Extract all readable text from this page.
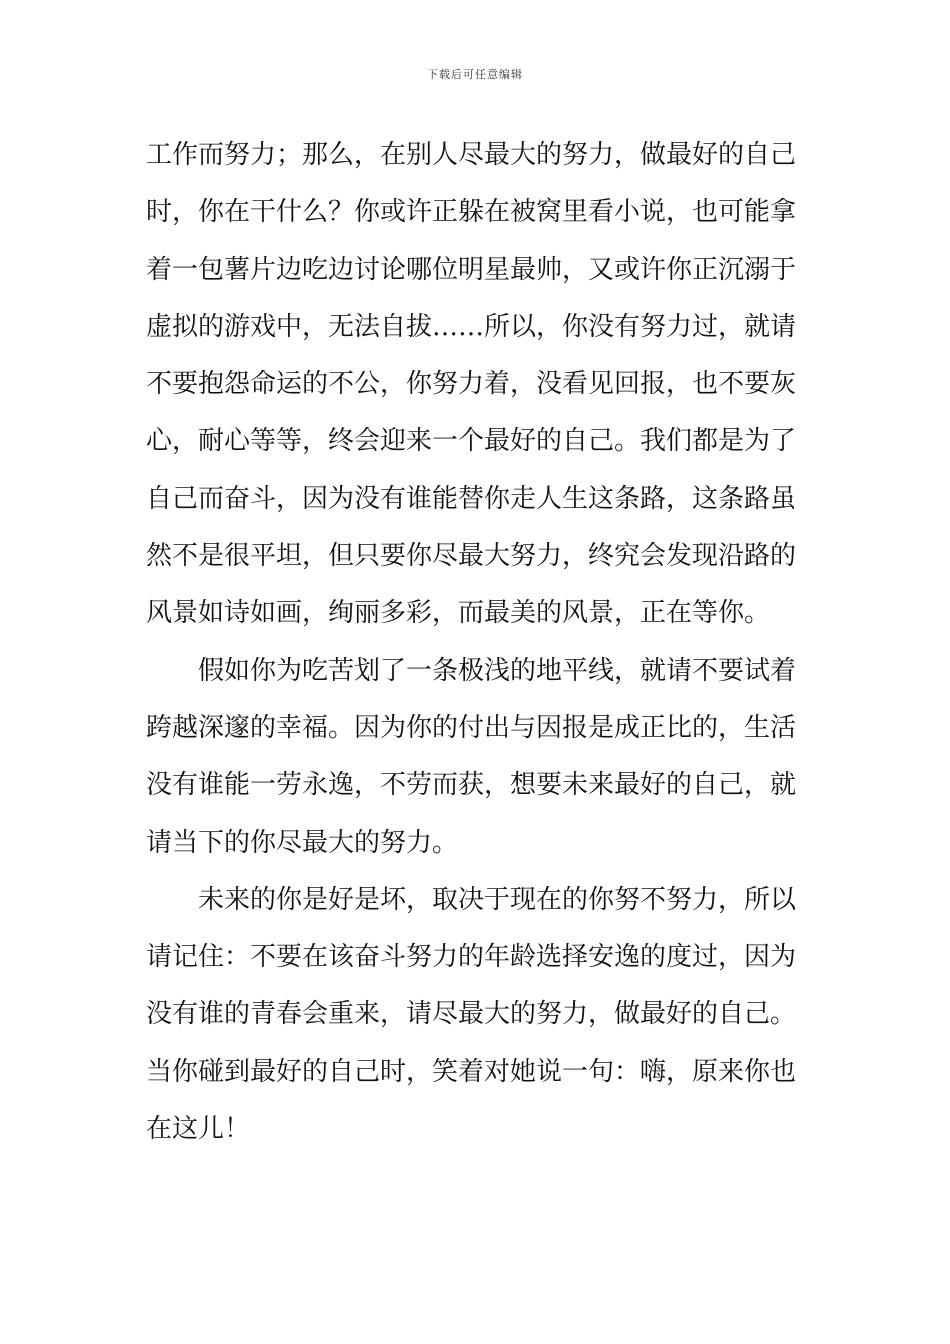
下载后可任意编辑
工作而努力；那么，在别人尽最大的努力，做最好的自己
时，你在干什么？你或许正躲在被窝里看小说，也可能拿
着一包薯片边吃边讨论哪位明星最帅，又或许你正沉溺于
虚拟的游戏中，无法自拔……所以，你没有努力过，就请
不要抱怨命运的不公，你努力着，没看见回报，也不要灰
心，耐心等等，终会迎来一个最好的自己。我们都是为了
自己而奋斗，因为没有谁能替你走人生这条路，这条路虽
然不是很平坦，但只要你尽最大努力，终究会发现沿路的
风景如诗如画，绚丽多彩，而最美的风景，正在等你。
　　假如你为吃苦划了一条极浅的地平线，就请不要试着
跨越深邃的幸福。因为你的付出与因报是成正比的，生活
没有谁能一劳永逸，不劳而获，想要未来最好的自己，就
请当下的你尽最大的努力。
　　未来的你是好是坏，取决于现在的你努不努力，所以
请记住：不要在该奋斗努力的年龄选择安逸的度过，因为
没有谁的青春会重来，请尽最大的努力，做最好的自己。
当你碰到最好的自己时，笑着对她说一句：嗨，原来你也
在这儿！
